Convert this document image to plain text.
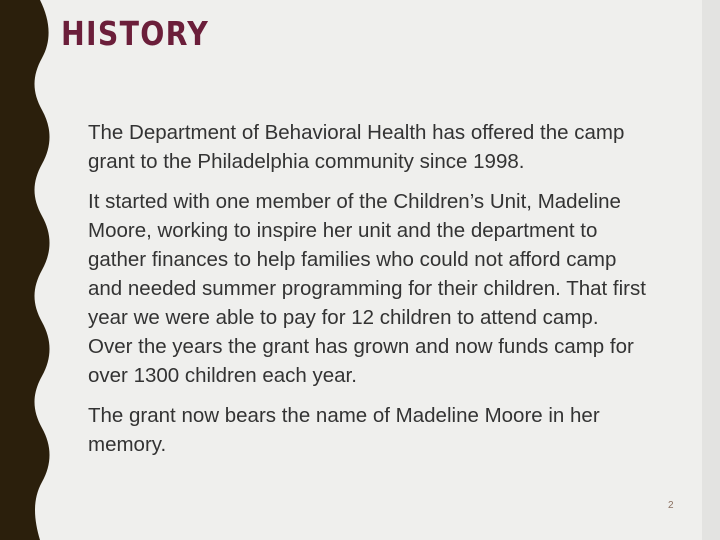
HISTORY

The Department of Behavioral Health has offered the camp grant to the Philadelphia community since 1998.

It started with one member of the Children’s Unit, Madeline Moore, working to inspire her unit and the department to gather finances to help families who could not afford camp and needed summer programming for their children. That first year we were able to pay for 12 children to attend camp. Over the years the grant has grown and now funds camp for over 1300 children each year.

The grant now bears the name of Madeline Moore in her memory.

2
